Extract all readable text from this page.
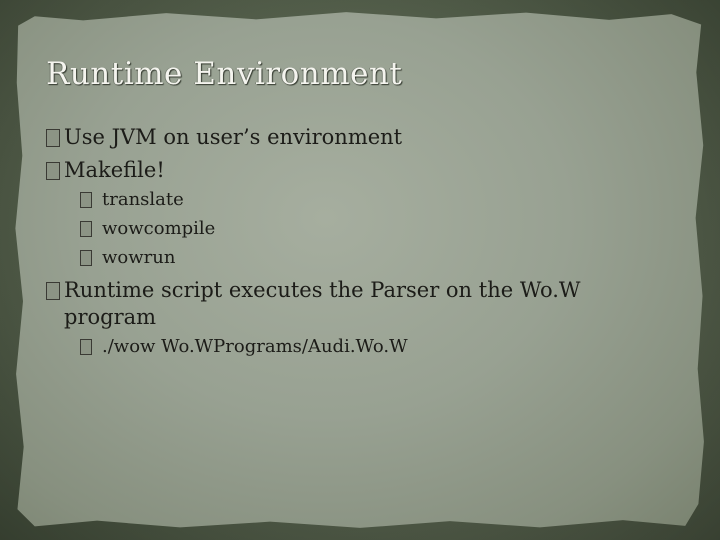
Runtime Environment
Use JVM on user’s environment
Makefile!
translate
wowcompile
wowrun
Runtime script executes the Parser on the Wo.W program
./wow Wo.WPrograms/Audi.Wo.W
